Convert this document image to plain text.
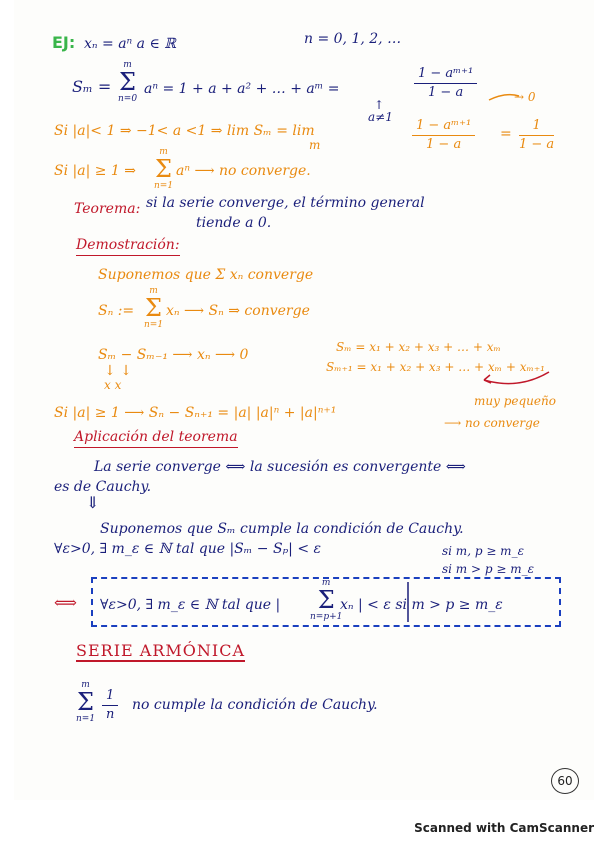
EJ: xₙ = aⁿ a ∈ ℝ	n = 0, 1, 2, …
Sₘ =
m
Σ
n=0
aⁿ = 1 + a + a² + … + aᵐ =	$\frac{\text{1 − aᵐ⁺¹}}{1 - a}$
↑
a≠1
→ 0
Si |a|< 1 ⇒ −1< a <1 ⇒ lim Sₘ = lim
m	$\frac{\text{1 − aᵐ⁺¹}}{1 - a} = \frac{1}{1 - a}$
Si |a| ≥ 1 ⇒
m
Σ
n=1
aⁿ ⟶ no converge.
Teorema: si la serie converge, el término general
tiende a 0.
Demostración:
Suponemos que Σ xₙ converge
Sₙ :=
m
Σ
n=1
xₙ ⟶ Sₙ ⇒ converge
Sₘ − Sₘ₋₁ ⟶ xₙ ⟶ 0
↓ ↓
x x
Sₘ = x₁ + x₂ + x₃ + … + xₘ
Sₘ₊₁ = x₁ + x₂ + x₃ + … + xₘ + xₘ₊₁
Si |a| ≥ 1 ⟶ Sₙ − Sₙ₊₁ = |a| |a|ⁿ + |a|ⁿ⁺¹
muy pequeño
⟶ no converge
Aplicación del teorema
La serie converge ⟺ la sucesión es convergente ⟺
es de Cauchy.
⇓
Suponemos que Sₘ cumple la condición de Cauchy.
∀ε>0, ∃ m_ε ∈ ℕ tal que |Sₘ − Sₚ| < ε	si m, p ≥ m_ε
si m > p ≥ m_ε
⟺ ∀ε>0, ∃ m_ε ∈ ℕ tal que |
m
Σ
n=p+1
xₙ | < ε si m > p ≥ m_ε
SERIE ARMÓNICA
m
Σ
$n=1 \frac{1}{n}$ no cumple la condición de Cauchy.
60
Scanned with CamScanner
